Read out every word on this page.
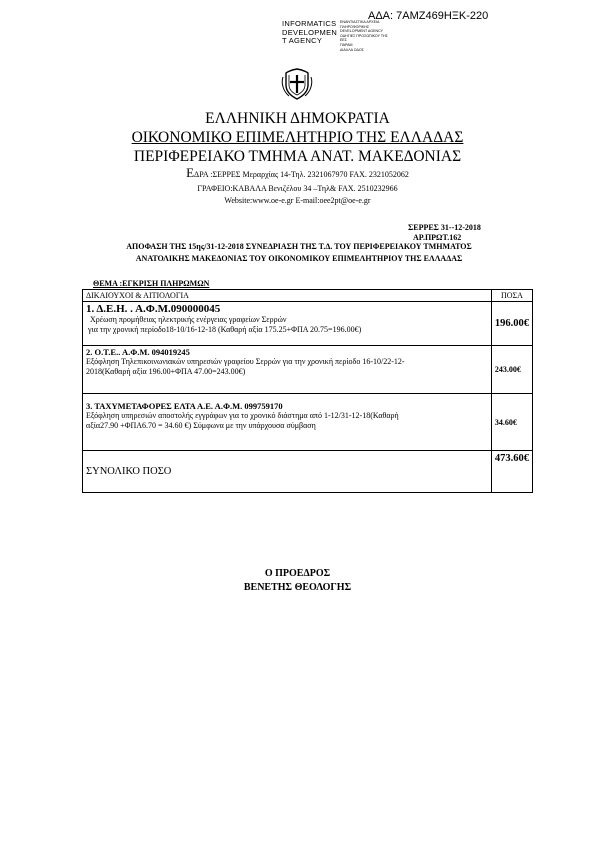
ΑΔΑ: 7ΑΜΖ469ΗΞΚ-220
INFORMATICS
DEVELOPMEN
T AGENCY
ΕΝΑΝΤΙΑΣΤΙΚΑ ΑΡΧΕΙΑ
ΠΛΗΡΟΦΟΡΙΚΗΣ
DEVELOPMENT AGENCY
ΟΔΗΓΙΕΣ ΠΡΟΣΩΠΙΚΟΥ ΤΗΣ
ΕΕΣ
ΠΑΡΑΜ
ΔΙΑΛΛΑ ΟΔΟΣ
ΕΛΛΗΝΙΚΗ ΔΗΜΟΚΡΑΤΙΑ
ΟΙΚΟΝΟΜΙΚΟ ΕΠΙΜΕΛΗΤΗΡΙΟ ΤΗΣ ΕΛΛΑΔΑΣ
ΠΕΡΙΦΕΡΕΙΑΚΟ ΤΜΗΜΑ ΑΝΑΤ. ΜΑΚΕΔΟΝΙΑΣ
ΕΔΡΑ :ΣΕΡΡΕΣ Μεραρχίας 14-Τηλ. 2321067970 FAX. 2321052062
ΓΡΑΦΕΙΟ:ΚΑΒΑΛΑ Βενιζέλου 34 –Τηλ& FAX. 2510232966
Website:www.oe-e.gr E-mail:oee2pt@oe-e.gr
ΣΕΡΡΕΣ 31--12-2018
ΑΡ.ΠΡΩΤ.162
ΑΠΟΦΑΣΗ ΤΗΣ 15ης/31-12-2018 ΣΥΝΕΔΡΙΑΣΗ ΤΗΣ Τ.Δ. ΤΟΥ ΠΕΡΙΦΕΡΕΙΑΚΟΥ ΤΜΗΜΑΤΟΣ
ΑΝΑΤΟΛΙΚΗΣ ΜΑΚΕΔΟΝΙΑΣ ΤΟΥ ΟΙΚΟΝΟΜΙΚΟΥ ΕΠΙΜΕΛΗΤΗΡΙΟΥ ΤΗΣ ΕΛΛΑΔΑΣ
ΘΕΜΑ :ΕΓΚΡΙΣΗ ΠΛΗΡΩΜΩΝ
ΔΙΚΑΙΟΥΧΟΙ & ΑΙΤΙΟΛΟΓΙΑ	ΠΟΣΑ

1. Δ.Ε.Η. . Α.Φ.Μ.090000045
Χρέωση προμήθειας ηλεκτρικής ενέργειας γραφείων Σερρών
για την χρονική περίοδο18-10/16-12-18 (Καθαρή αξία 175.25+ΦΠΑ 20.75=196.00€)	196.00€

2. Ο.Τ.Ε.. Α.Φ.Μ. 094019245
Εξόφληση Τηλεπικοινωνιακών υπηρεσιών γραφείου Σερρών για την χρονική περίοδο 16-10/22-12-
2018(Καθαρή αξία 196.00+ΦΠΑ 47.00=243.00€)	243.00€

3. ΤΑΧΥΜΕΤΑΦΟΡΕΣ ΕΛΤΑ Α.Ε. Α.Φ.Μ. 099759170
Εξόφληση υπηρεσιών αποστολής εγγράφων για το χρονικό διάστημα από 1-12/31-12-18(Καθαρή
αξία27.90 +ΦΠΑ6.70 = 34.60 €) Σύμφωνα με την υπάρχουσα σύμβαση	34.60€
ΣΥΝΟΛΙΚΟ ΠΟΣΟ	473.60€
Ο ΠΡΟΕΔΡΟΣ
ΒΕΝΕΤΗΣ ΘΕΟΛΟΓΗΣ
